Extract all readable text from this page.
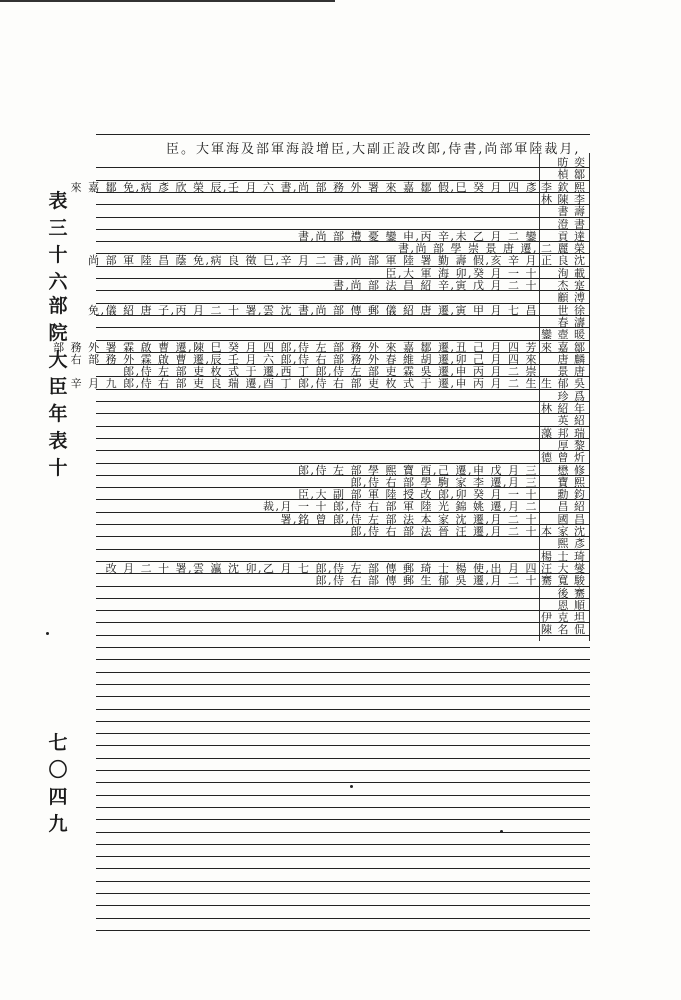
表
三
十
六
部
院
大
臣
年
表
十
七
〇
四
九
臣。大軍海及部軍海設增臣,大副正設改郎,侍書,尚部軍陸裁月,
昉 奕
楨 鄒
李 欽 熙
來 嘉 鄒 免,病 彥 欣 榮 辰,壬 月 六 書,尚 部 務 外 署 來 嘉 鄒 假,巳 癸 月 四 彥
林 陳 李
書 壽
澄 書
貢 達
書,尚 部 禮 憂 鑾 申,丙 辛,未 乙 月 二 鑾
二 麗 榮
書,尚 部 學 崇 景 唐 遷,
正 良 沈
尚 部 軍 陸 昌 蔭 免,病 良 徵 巳,辛 月 二 書,尚 部 軍 陸 署 勤 壽 假,亥 辛 月
洵 載
臣,大 軍 海 卯,癸 月 一 十
杰 寔
書,尚 部 法 昌 紹 辛,寅 戊 月 二 十
顧 溥
世 徐
免,儀 紹 唐 子,丙 月 二 十 署,雲 沈 書,尚 部 傳 郵 儀 紹 唐 遷,寅 甲 月 七 昌
春 濤
鑾 壺 暖
來 嘉 鄒
部 務 外 署 霖 啟 曹 遷,陳 巳 癸 月 四 郎,侍 左 部 務 外 來 嘉 鄒 遷,丑 己 月 四 芳
唐 麟
右 部 務 外 霖 啟 曹 遷,辰 壬 月 六 郎,侍 右 部 務 外 春 維 胡 遷,卯 己 月 四 來
景 唐
郎,侍 左 部 吏 枚 式 于 遷,西 丁 郎,侍 左 部 吏 霖 吳 遷,申 丙 月 二 崇
生 郁 吳
辛 月 九 郎,侍 右 部 吏 良 瑞 遷,酉 丁 郎,侍 右 部 吏 枚 式 于 遷,申 丙 月 二 生
珍 爲
林 紹 年
英 紹
藻 邦 瑞
厚 黎
德 曾 炘
懋 修
郎,侍 左 部 學 熙 寶 酉,己 遷,申 戊 月 三
寶 熙
郎,侍 右 部 學 駒 家 李 遷,月 三
勳 鈞
臣,大 副 部 軍 陸 授 改 郎,卯 癸 月 一 十
昌 紹
裁,月 一 十 郎,侍 右 部 軍 陸 光 錦 姚 遷,月 二
國 昌
署,銘 曾 郎,侍 左 部 法 本 家 沈 遷,月 二 十
本 家 沈
郎,侍 右 部 法 晉 汪 遷,月 二 十
熙 彥
楊 士 琦
汪 大 燮
改 月 二 十 署,雲 瀛 沈 卯,乙 月 七 郎,侍 左 部 傳 郵 琦 士 楊 使,出 月 四
騫 寬 駿
郎,侍 右 部 傳 郵 生 郁 吳 遷,月 二 十
後 騫
恩 順
伊 克 坦
陳 名 侃
